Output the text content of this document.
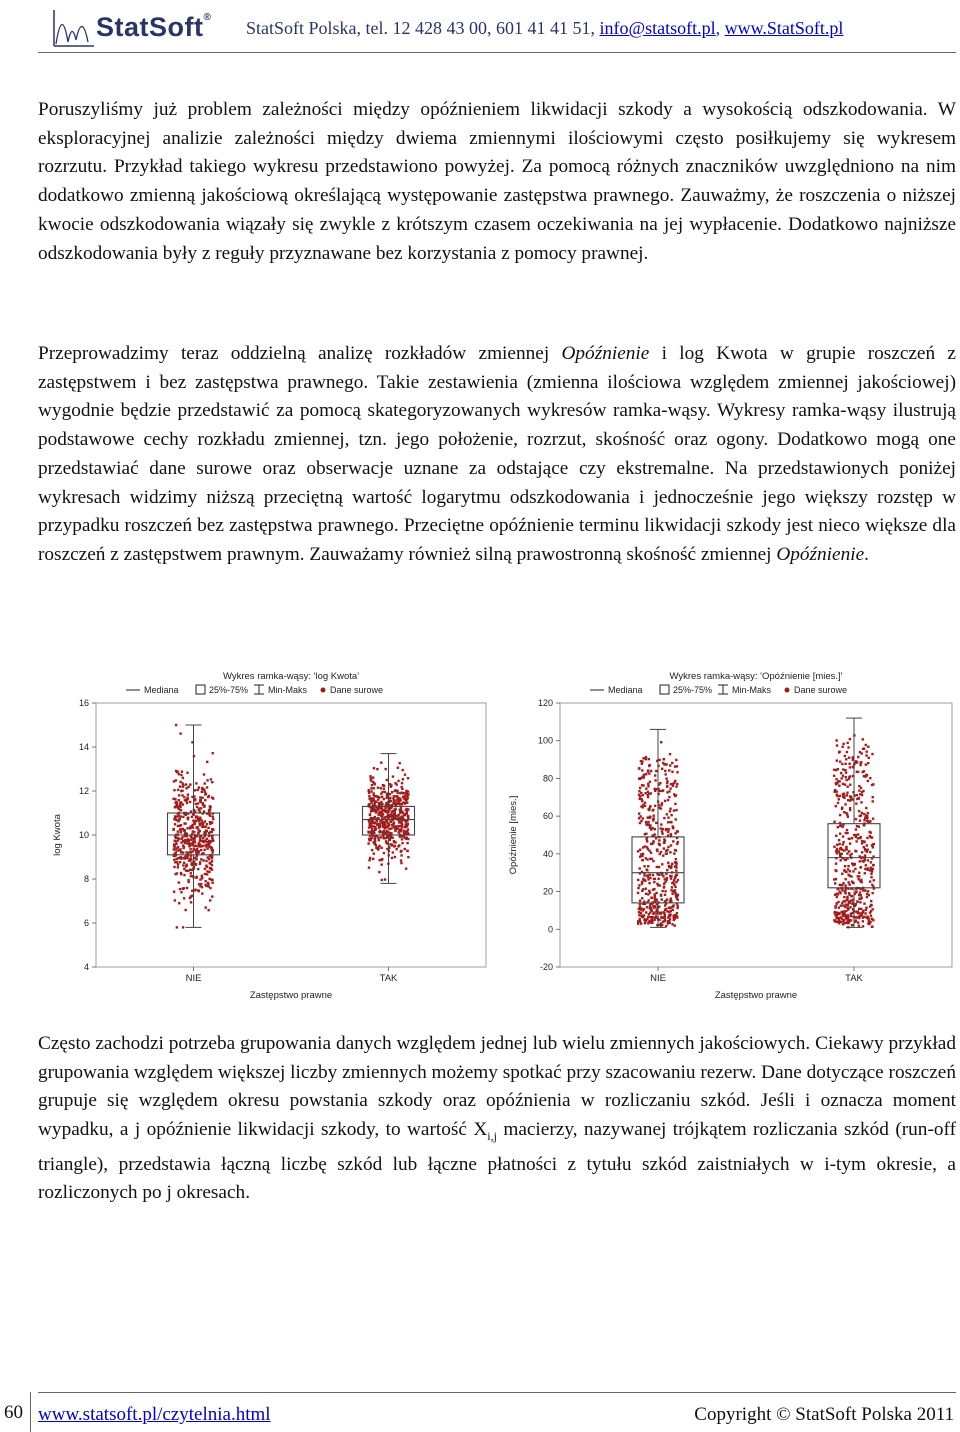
StatSoft®
StatSoft Polska, tel. 12 428 43 00, 601 41 41 51, info@statsoft.pl, www.StatSoft.pl

Poruszyliśmy już problem zależności między opóźnieniem likwidacji szkody a wysokością odszkodowania. W eksploracyjnej analizie zależności między dwiema zmiennymi ilościowymi często posiłkujemy się wykresem rozrzutu. Przykład takiego wykresu przedstawiono powyżej. Za pomocą różnych znaczników uwzględniono na nim dodatkowo zmienną jakościową określającą występowanie zastępstwa prawnego. Zauważmy, że roszczenia o niższej kwocie odszkodowania wiązały się zwykle z krótszym czasem oczekiwania na jej wypłacenie. Dodatkowo najniższe odszkodowania były z reguły przyznawane bez korzystania z pomocy prawnej.

Przeprowadzimy teraz oddzielną analizę rozkładów zmiennej Opóźnienie i log Kwota w grupie roszczeń z zastępstwem i bez zastępstwa prawnego. Takie zestawienia (zmienna ilościowa względem zmiennej jakościowej) wygodnie będzie przedstawić za pomocą skategoryzowanych wykresów ramka-wąsy. Wykresy ramka-wąsy ilustrują podstawowe cechy rozkładu zmiennej, tzn. jego położenie, rozrzut, skośność oraz ogony. Dodatkowo mogą one przedstawiać dane surowe oraz obserwacje uznane za odstające czy ekstremalne. Na przedstawionych poniżej wykresach widzimy niższą przeciętną wartość logarytmu odszkodowania i jednocześnie jego większy rozstęp w przypadku roszczeń bez zastępstwa prawnego. Przeciętne opóźnienie terminu likwidacji szkody jest nieco większe dla roszczeń z zastępstwem prawnym. Zauważamy również silną prawostronną skośność zmiennej Opóźnienie.

Wykres ramka-wąsy: 'log Kwota'
Mediana	25%-75% Min-Maks	Dane surowe
4
6
8
10
12
14
16
log Kwota
NIE	TAK
Zastępstwo prawne
Wykres ramka-wąsy: 'Opóźnienie [mies.]'
Mediana	25%-75% Min-Maks	Dane surowe
-20
0
20
40
60
80
100
120
Opóźnienie [mies.]
NIE	TAK
Zastępstwo prawne

Często zachodzi potrzeba grupowania danych względem jednej lub wielu zmiennych jakościowych. Ciekawy przykład grupowania względem większej liczby zmiennych możemy spotkać przy szacowaniu rezerw. Dane dotyczące roszczeń grupuje się względem okresu powstania szkody oraz opóźnienia w rozliczaniu szkód. Jeśli i oznacza moment wypadku, a j opóźnienie likwidacji szkody, to wartość $X_{i,j}$ macierzy, nazywanej trójkątem rozliczania szkód (run-off triangle), przedstawia łączną liczbę szkód lub łączne płatności z tytułu szkód zaistniałych w i-tym okresie, a rozliczonych po j okresach.

60 www.statsoft.pl/czytelnia.html	Copyright © StatSoft Polska 2011
